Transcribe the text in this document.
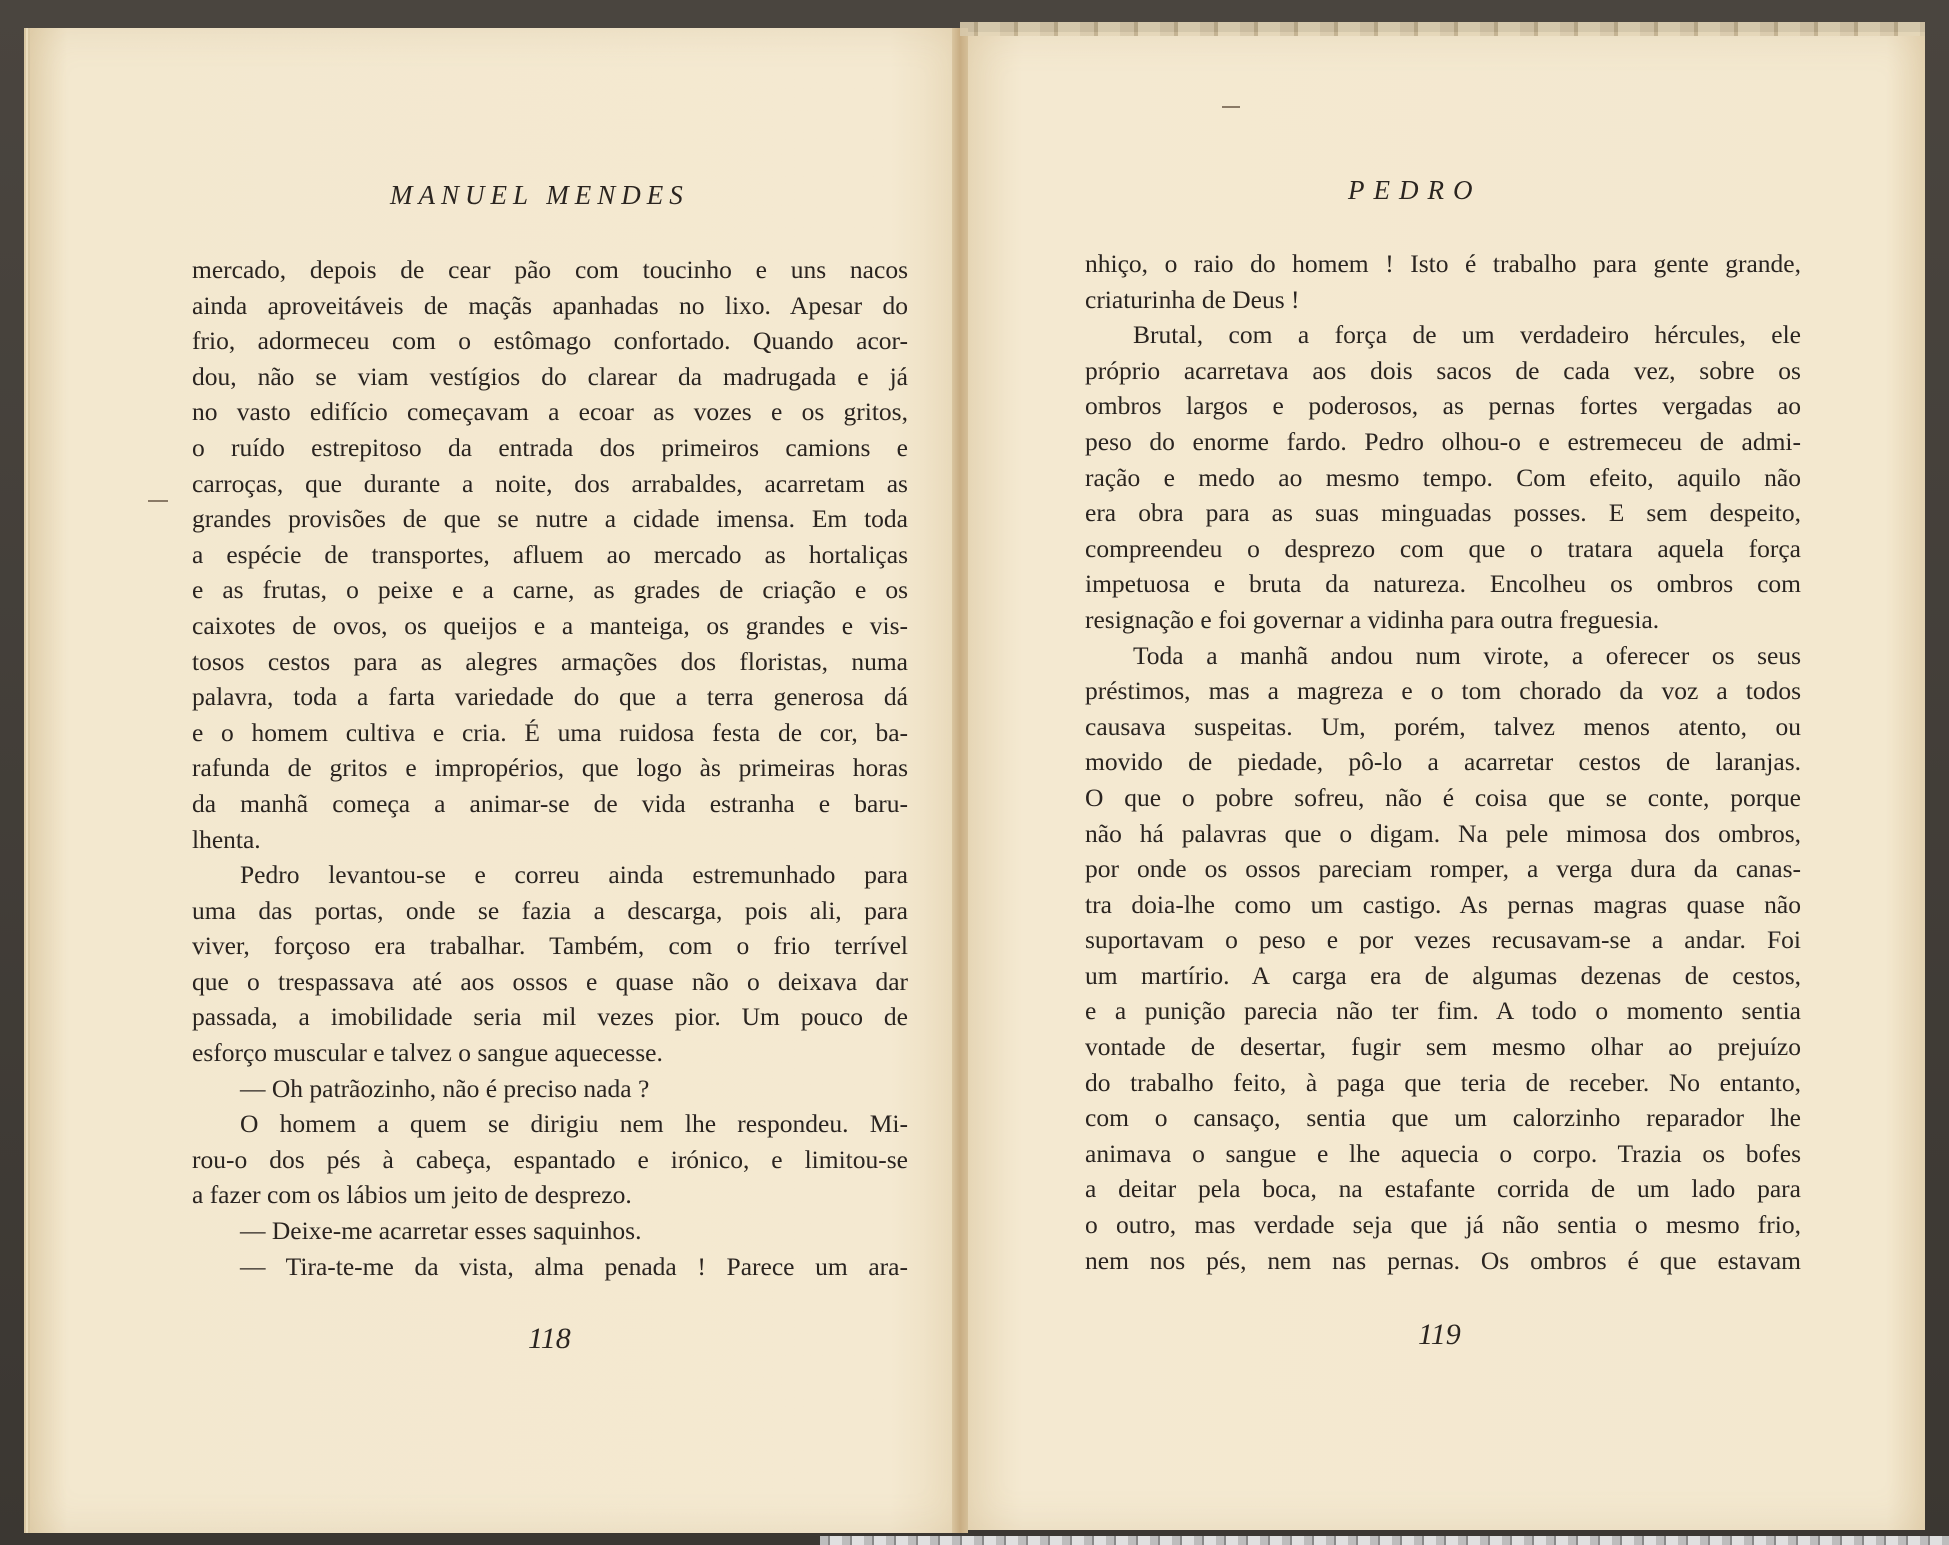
MANUEL MENDES	PEDRO
mercado, depois de cear pão com toucinho e uns nacos
ainda aproveitáveis de maçãs apanhadas no lixo. Apesar do
frio, adormeceu com o estômago confortado. Quando acor-
dou, não se viam vestígios do clarear da madrugada e já
no vasto edifício começavam a ecoar as vozes e os gritos,
o ruído estrepitoso da entrada dos primeiros camions e
carroças, que durante a noite, dos arrabaldes, acarretam as
grandes provisões de que se nutre a cidade imensa. Em toda
a espécie de transportes, afluem ao mercado as hortaliças
e as frutas, o peixe e a carne, as grades de criação e os
caixotes de ovos, os queijos e a manteiga, os grandes e vis-
tosos cestos para as alegres armações dos floristas, numa
palavra, toda a farta variedade do que a terra generosa dá
e o homem cultiva e cria. É uma ruidosa festa de cor, ba-
rafunda de gritos e impropérios, que logo às primeiras horas
da manhã começa a animar-se de vida estranha e baru-
lhenta.
Pedro levantou-se e correu ainda estremunhado para
uma das portas, onde se fazia a descarga, pois ali, para
viver, forçoso era trabalhar. Também, com o frio terrível
que o trespassava até aos ossos e quase não o deixava dar
passada, a imobilidade seria mil vezes pior. Um pouco de
esforço muscular e talvez o sangue aquecesse.
— Oh patrãozinho, não é preciso nada ?
O homem a quem se dirigiu nem lhe respondeu. Mi-
rou-o dos pés à cabeça, espantado e irónico, e limitou-se
a fazer com os lábios um jeito de desprezo.
— Deixe-me acarretar esses saquinhos.
— Tira-te-me da vista, alma penada ! Parece um ara-
nhiço, o raio do homem ! Isto é trabalho para gente grande,
criaturinha de Deus !
Brutal, com a força de um verdadeiro hércules, ele
próprio acarretava aos dois sacos de cada vez, sobre os
ombros largos e poderosos, as pernas fortes vergadas ao
peso do enorme fardo. Pedro olhou-o e estremeceu de admi-
ração e medo ao mesmo tempo. Com efeito, aquilo não
era obra para as suas minguadas posses. E sem despeito,
compreendeu o desprezo com que o tratara aquela força
impetuosa e bruta da natureza. Encolheu os ombros com
resignação e foi governar a vidinha para outra freguesia.
Toda a manhã andou num virote, a oferecer os seus
préstimos, mas a magreza e o tom chorado da voz a todos
causava suspeitas. Um, porém, talvez menos atento, ou
movido de piedade, pô-lo a acarretar cestos de laranjas.
O que o pobre sofreu, não é coisa que se conte, porque
não há palavras que o digam. Na pele mimosa dos ombros,
por onde os ossos pareciam romper, a verga dura da canas-
tra doia-lhe como um castigo. As pernas magras quase não
suportavam o peso e por vezes recusavam-se a andar. Foi
um martírio. A carga era de algumas dezenas de cestos,
e a punição parecia não ter fim. A todo o momento sentia
vontade de desertar, fugir sem mesmo olhar ao prejuízo
do trabalho feito, à paga que teria de receber. No entanto,
com o cansaço, sentia que um calorzinho reparador lhe
animava o sangue e lhe aquecia o corpo. Trazia os bofes
a deitar pela boca, na estafante corrida de um lado para
o outro, mas verdade seja que já não sentia o mesmo frio,
nem nos pés, nem nas pernas. Os ombros é que estavam
118	119
